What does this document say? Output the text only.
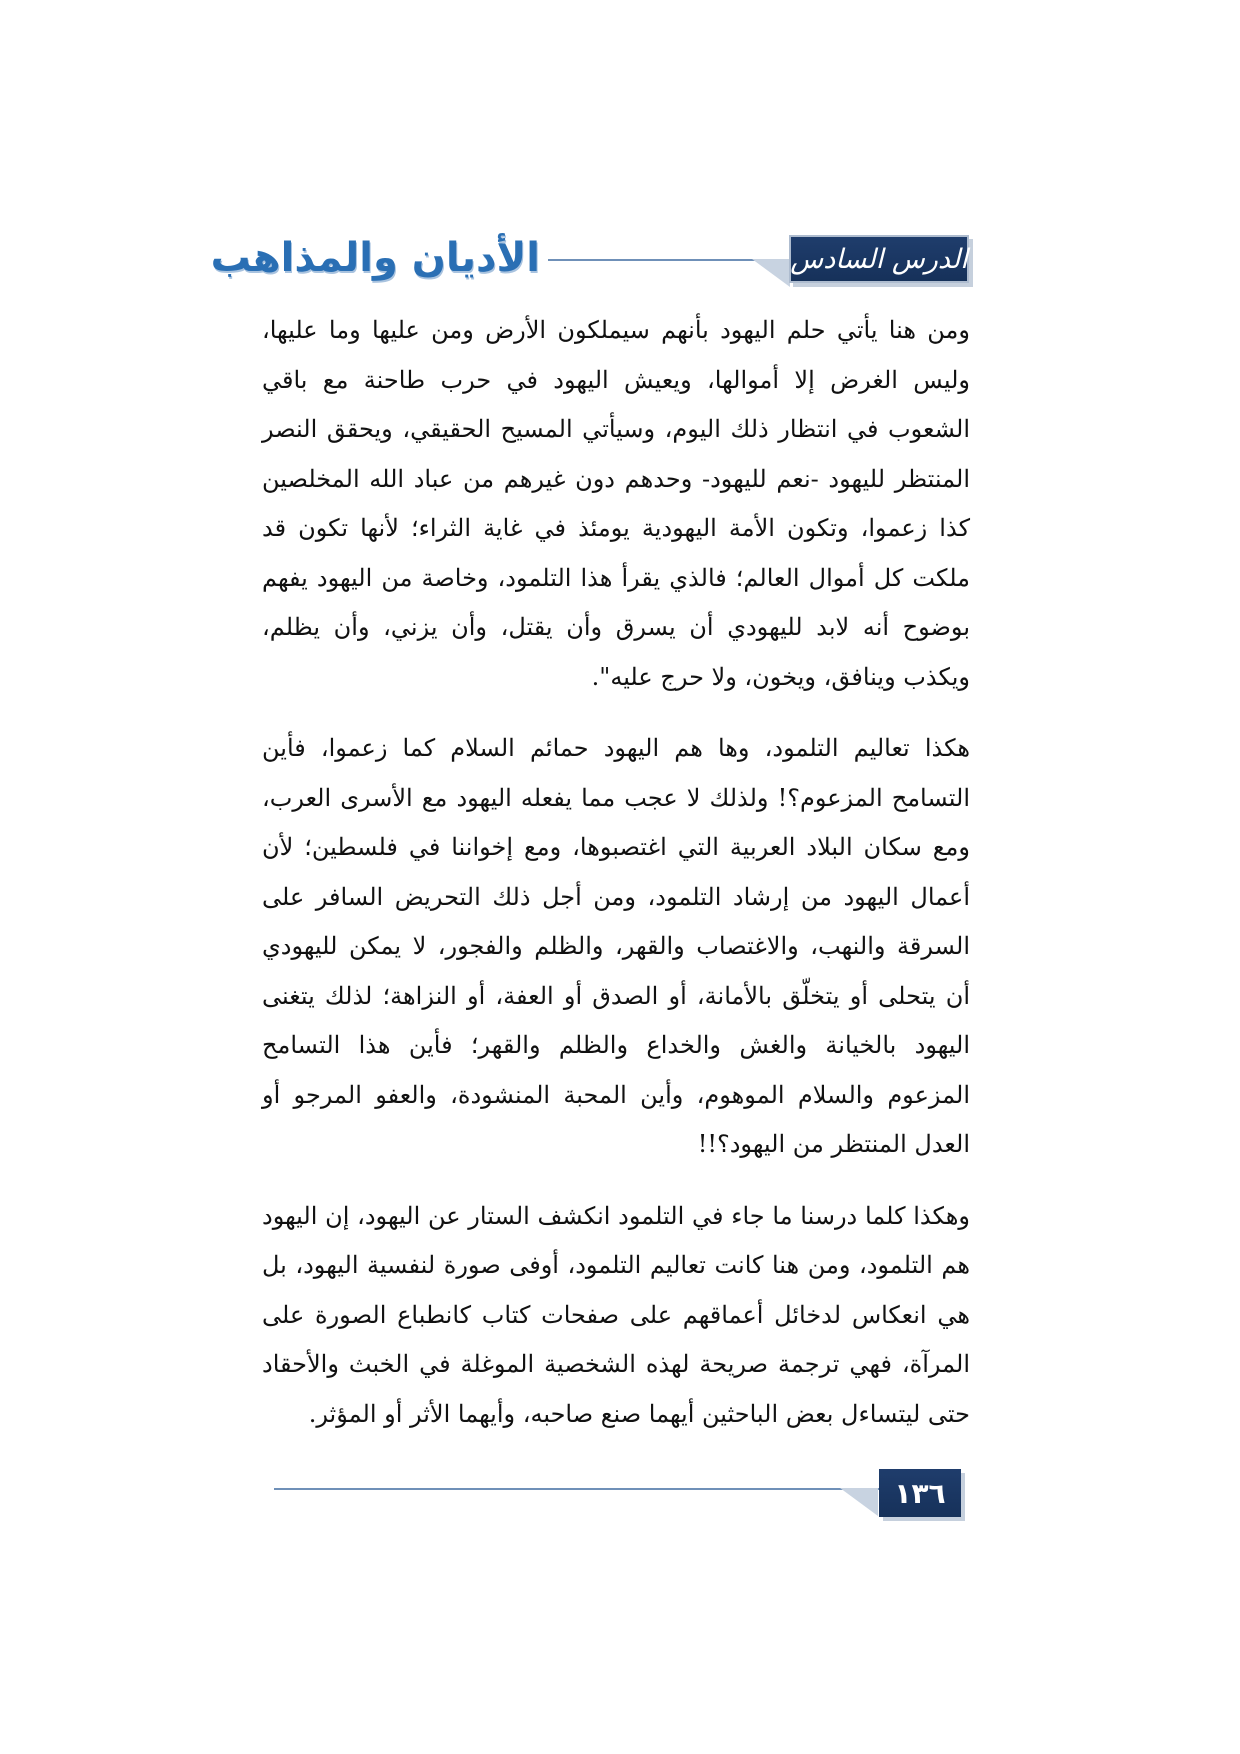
الدرس السادس
الأديان والمذاهب

ومن هنا يأتي حلم اليهود بأنهم سيملكون الأرض ومن عليها وما عليها، وليس الغرض إلا أموالها، ويعيش اليهود في حرب طاحنة مع باقي الشعوب في انتظار ذلك اليوم، وسيأتي المسيح الحقيقي، ويحقق النصر المنتظر لليهود -نعم لليهود- وحدهم دون غيرهم من عباد الله المخلصين كذا زعموا، وتكون الأمة اليهودية يومئذ في غاية الثراء؛ لأنها تكون قد ملكت كل أموال العالم؛ فالذي يقرأ هذا التلمود، وخاصة من اليهود يفهم بوضوح أنه لابد لليهودي أن يسرق وأن يقتل، وأن يزني، وأن يظلم، ويكذب وينافق، ويخون، ولا حرج عليه".

هكذا تعاليم التلمود، وها هم اليهود حمائم السلام كما زعموا، فأين التسامح المزعوم؟! ولذلك لا عجب مما يفعله اليهود مع الأسرى العرب، ومع سكان البلاد العربية التي اغتصبوها، ومع إخواننا في فلسطين؛ لأن أعمال اليهود من إرشاد التلمود، ومن أجل ذلك التحريض السافر على السرقة والنهب، والاغتصاب والقهر، والظلم والفجور، لا يمكن لليهودي أن يتحلى أو يتخلّق بالأمانة، أو الصدق أو العفة، أو النزاهة؛ لذلك يتغنى اليهود بالخيانة والغش والخداع والظلم والقهر؛ فأين هذا التسامح المزعوم والسلام الموهوم، وأين المحبة المنشودة، والعفو المرجو أو العدل المنتظر من اليهود؟!!

وهكذا كلما درسنا ما جاء في التلمود انكشف الستار عن اليهود، إن اليهود هم التلمود، ومن هنا كانت تعاليم التلمود، أوفى صورة لنفسية اليهود، بل هي انعكاس لدخائل أعماقهم على صفحات كتاب كانطباع الصورة على المرآة، فهي ترجمة صريحة لهذه الشخصية الموغلة في الخبث والأحقاد حتى ليتساءل بعض الباحثين أيهما صنع صاحبه، وأيهما الأثر أو المؤثر.

١٣٦
